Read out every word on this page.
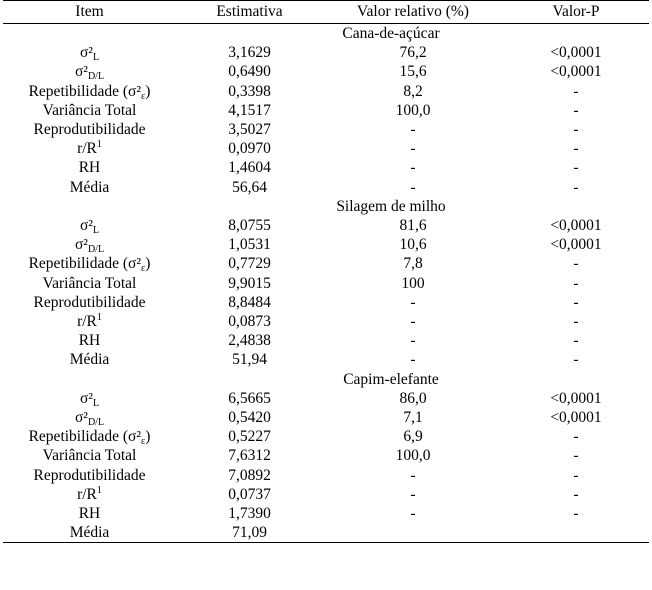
Item	Estimativa	Valor relativo (%)	Valor-P
Cana-de-açúcar			
$\sigma^2_L$	3,1629	76,2	<0,0001
$\sigma^2_{D/L}$	0,6490	15,6	<0,0001
Repetibilidade $(\sigma^2_\varepsilon)$	0,3398	8,2	-
Variância Total	4,1517	100,0	-
Reprodutibilidade	3,5027	-	-
$r/R^1$	0,0970	-	-
RH	1,4604	-	-
Média	56,64	-	-
Silagem de milho			
$\sigma^2_L$	8,0755	81,6	<0,0001
$\sigma^2_{D/L}$	1,0531	10,6	<0,0001
Repetibilidade $(\sigma^2_\varepsilon)$	0,7729	7,8	-
Variância Total	9,9015	100	-
Reprodutibilidade	8,8484	-	-
$r/R^1$	0,0873	-	-
RH	2,4838	-	-
Média	51,94	-	-
Capim-elefante			
$\sigma^2_L$	6,5665	86,0	<0,0001
$\sigma^2_{D/L}$	0,5420	7,1	<0,0001
Repetibilidade $(\sigma^2_\varepsilon)$	0,5227	6,9	-
Variância Total	7,6312	100,0	-
Reprodutibilidade	7,0892	-	-
$r/R^1$	0,0737	-	-
RH	1,7390	-	-
Média	71,09		
